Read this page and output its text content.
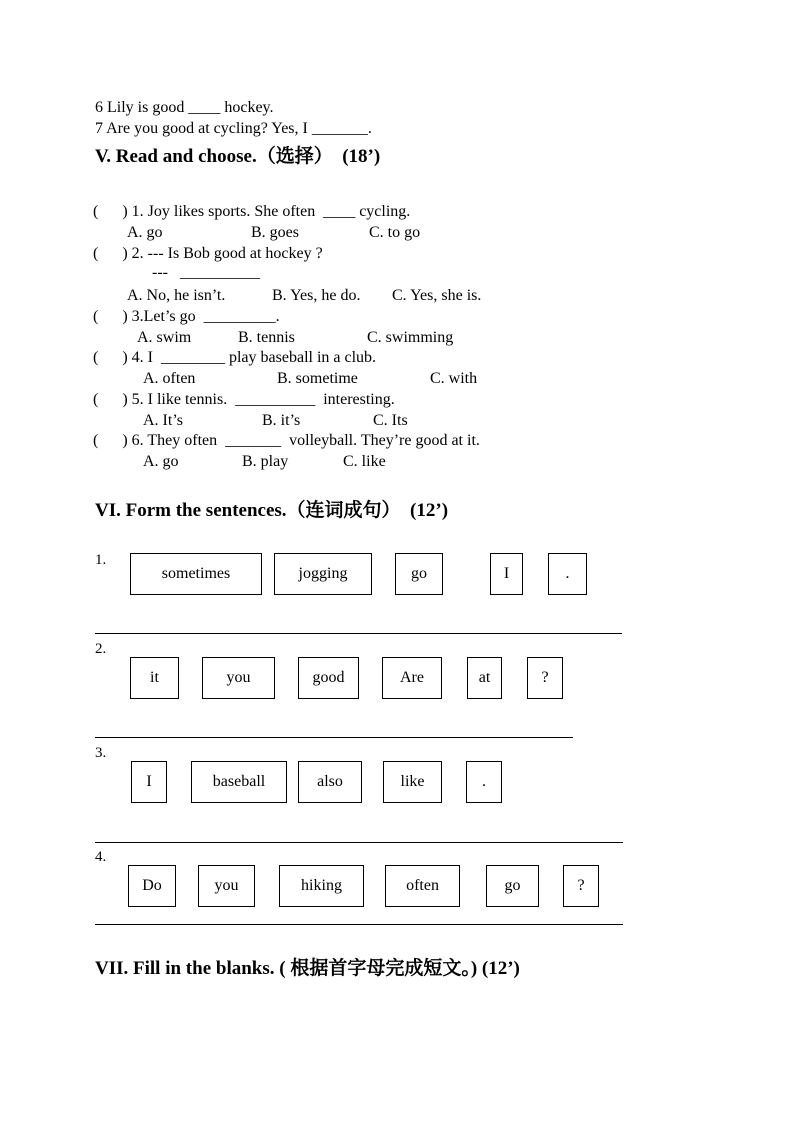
6 Lily is good ____ hockey.
7 Are you good at cycling? Yes, I _______.
V. Read and choose.（选择）  (18’)
(      ) 1. Joy likes sports. She often  ____ cycling.
A. go	B. goes	C. to go
(      ) 2. --- Is Bob good at hockey ?
---   __________
A. No, he isn’t.	B. Yes, he do. C. Yes, she is.
(      ) 3.Let’s go  _________.
A. swim	B. tennis	C. swimming
(      ) 4. I  ________ play baseball in a club.
A. often	B. sometime	C. with
(      ) 5. I like tennis.  __________  interesting.
A. It’s	B. it’s	C. Its
(      ) 6. They often  _______  volleyball. They’re good at it.
A. go	B. play	C. like
VI. Form the sentences.（连词成句）  (12’)
1.
sometimes	jogging	go	I	.
2.
it	you	good	Are	at	?
3.
I	baseball	also	like	.
4.
Do	you	hiking	often	go	?
VII. Fill in the blanks. ( 根据首字母完成短文。) (12’)
